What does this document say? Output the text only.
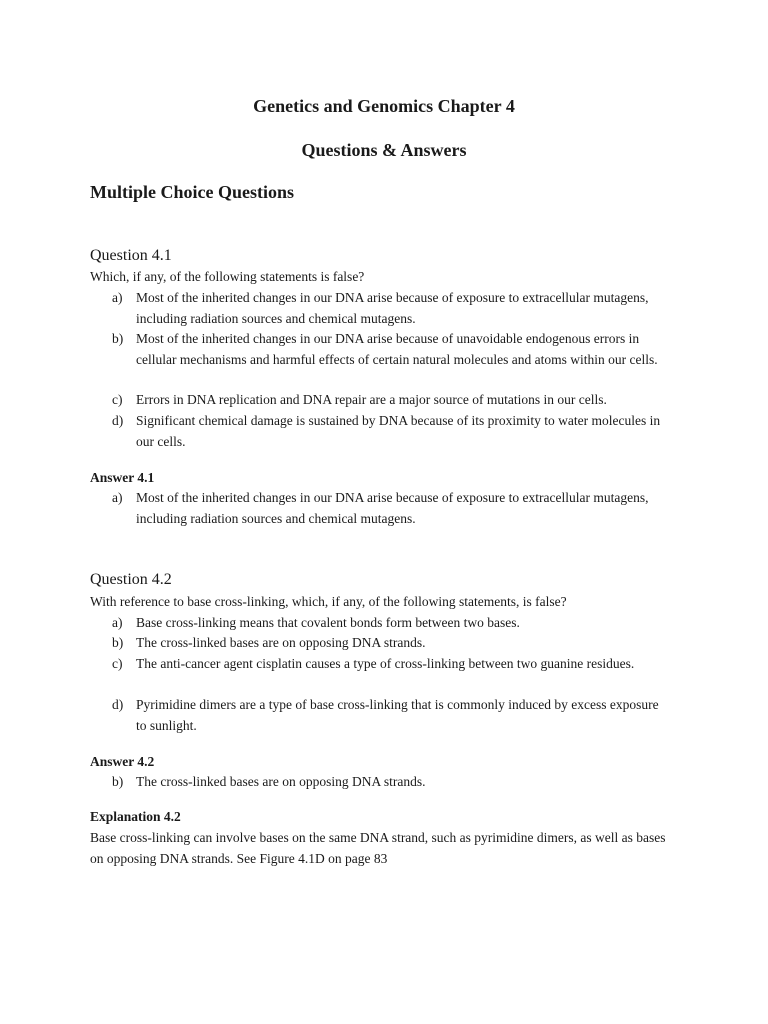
Genetics and Genomics Chapter 4
Questions & Answers
Multiple Choice Questions
Question 4.1
Which, if any, of the following statements is false?
a)	Most of the inherited changes in our DNA arise because of exposure to extracellular mutagens, including radiation sources and chemical mutagens.
b) Most of the inherited changes in our DNA arise because of unavoidable endogenous errors in cellular mechanisms and harmful effects of certain natural molecules and atoms within our cells.
c)	Errors in DNA replication and DNA repair are a major source of mutations in our cells.
d) Significant chemical damage is sustained by DNA because of its proximity to water molecules in our cells.
Answer 4.1
a)	Most of the inherited changes in our DNA arise because of exposure to extracellular mutagens, including radiation sources and chemical mutagens.
Question 4.2
With reference to base cross-linking, which, if any, of the following statements, is false?
a)	Base cross-linking means that covalent bonds form between two bases.
b) The cross-linked bases are on opposing DNA strands.
c)	The anti-cancer agent cisplatin causes a type of cross-linking between two guanine residues.
d) Pyrimidine dimers are a type of base cross-linking that is commonly induced by excess exposure to sunlight.
Answer 4.2
b) The cross-linked bases are on opposing DNA strands.
Explanation 4.2
Base cross-linking can involve bases on the same DNA strand, such as pyrimidine dimers, as well as bases on opposing DNA strands. See Figure 4.1D on page 83
